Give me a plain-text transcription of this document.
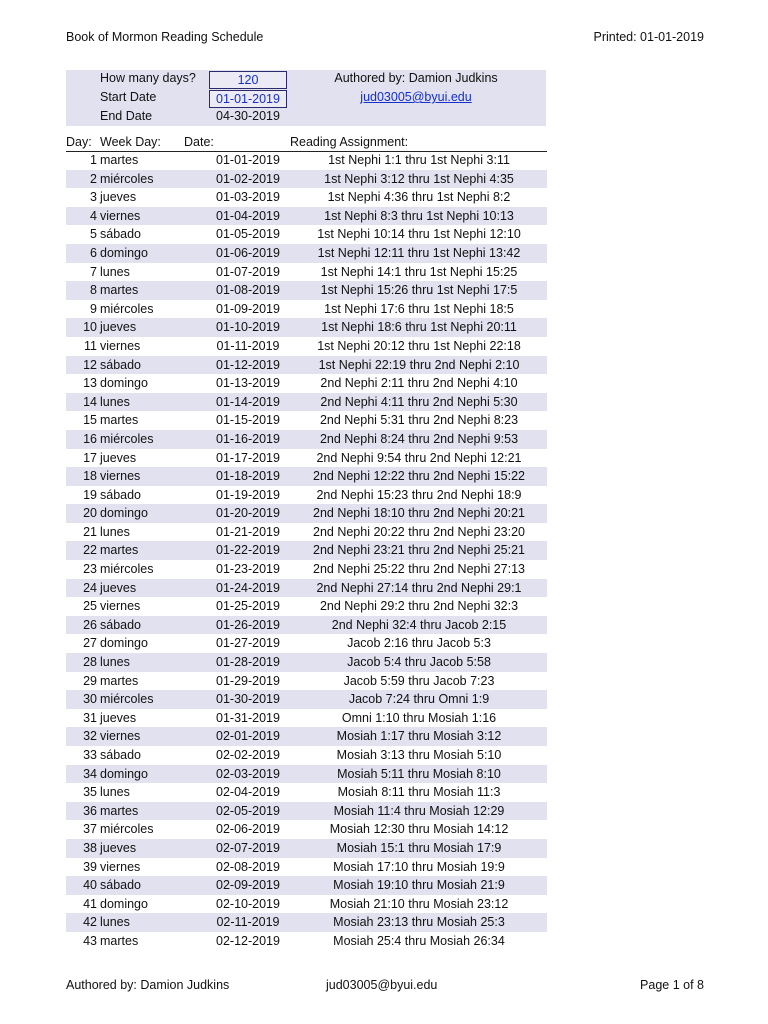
Book of Mormon Reading Schedule	Printed: 01-01-2019
How many days?	120
Start Date	01-01-2019
End Date	04-30-2019
Authored by: Damion Judkins
jud03005@byui.edu
Day: Week Day: Date:	Reading Assignment:
1 martes	01-01-2019	1st Nephi 1:1 thru 1st Nephi 3:11
2 miércoles	01-02-2019	1st Nephi 3:12 thru 1st Nephi 4:35
3 jueves	01-03-2019	1st Nephi 4:36 thru 1st Nephi 8:2
4 viernes	01-04-2019	1st Nephi 8:3 thru 1st Nephi 10:13
5 sábado	01-05-2019	1st Nephi 10:14 thru 1st Nephi 12:10
6 domingo	01-06-2019	1st Nephi 12:11 thru 1st Nephi 13:42
7 lunes	01-07-2019	1st Nephi 14:1 thru 1st Nephi 15:25
8 martes	01-08-2019	1st Nephi 15:26 thru 1st Nephi 17:5
9 miércoles	01-09-2019	1st Nephi 17:6 thru 1st Nephi 18:5
10 jueves	01-10-2019	1st Nephi 18:6 thru 1st Nephi 20:11
11 viernes	01-11-2019	1st Nephi 20:12 thru 1st Nephi 22:18
12 sábado	01-12-2019	1st Nephi 22:19 thru 2nd Nephi 2:10
13 domingo	01-13-2019	2nd Nephi 2:11 thru 2nd Nephi 4:10
14 lunes	01-14-2019	2nd Nephi 4:11 thru 2nd Nephi 5:30
15 martes	01-15-2019	2nd Nephi 5:31 thru 2nd Nephi 8:23
16 miércoles	01-16-2019	2nd Nephi 8:24 thru 2nd Nephi 9:53
17 jueves	01-17-2019	2nd Nephi 9:54 thru 2nd Nephi 12:21
18 viernes	01-18-2019	2nd Nephi 12:22 thru 2nd Nephi 15:22
19 sábado	01-19-2019	2nd Nephi 15:23 thru 2nd Nephi 18:9
20 domingo	01-20-2019	2nd Nephi 18:10 thru 2nd Nephi 20:21
21 lunes	01-21-2019	2nd Nephi 20:22 thru 2nd Nephi 23:20
22 martes	01-22-2019	2nd Nephi 23:21 thru 2nd Nephi 25:21
23 miércoles	01-23-2019	2nd Nephi 25:22 thru 2nd Nephi 27:13
24 jueves	01-24-2019	2nd Nephi 27:14 thru 2nd Nephi 29:1
25 viernes	01-25-2019	2nd Nephi 29:2 thru 2nd Nephi 32:3
26 sábado	01-26-2019	2nd Nephi 32:4 thru Jacob 2:15
27 domingo	01-27-2019	Jacob 2:16 thru Jacob 5:3
28 lunes	01-28-2019	Jacob 5:4 thru Jacob 5:58
29 martes	01-29-2019	Jacob 5:59 thru Jacob 7:23
30 miércoles	01-30-2019	Jacob 7:24 thru Omni 1:9
31 jueves	01-31-2019	Omni 1:10 thru Mosiah 1:16
32 viernes	02-01-2019	Mosiah 1:17 thru Mosiah 3:12
33 sábado	02-02-2019	Mosiah 3:13 thru Mosiah 5:10
34 domingo	02-03-2019	Mosiah 5:11 thru Mosiah 8:10
35 lunes	02-04-2019	Mosiah 8:11 thru Mosiah 11:3
36 martes	02-05-2019	Mosiah 11:4 thru Mosiah 12:29
37 miércoles	02-06-2019	Mosiah 12:30 thru Mosiah 14:12
38 jueves	02-07-2019	Mosiah 15:1 thru Mosiah 17:9
39 viernes	02-08-2019	Mosiah 17:10 thru Mosiah 19:9
40 sábado	02-09-2019	Mosiah 19:10 thru Mosiah 21:9
41 domingo	02-10-2019	Mosiah 21:10 thru Mosiah 23:12
42 lunes	02-11-2019	Mosiah 23:13 thru Mosiah 25:3
43 martes	02-12-2019	Mosiah 25:4 thru Mosiah 26:34
Authored by: Damion Judkins	jud03005@byui.edu	Page 1 of 8
